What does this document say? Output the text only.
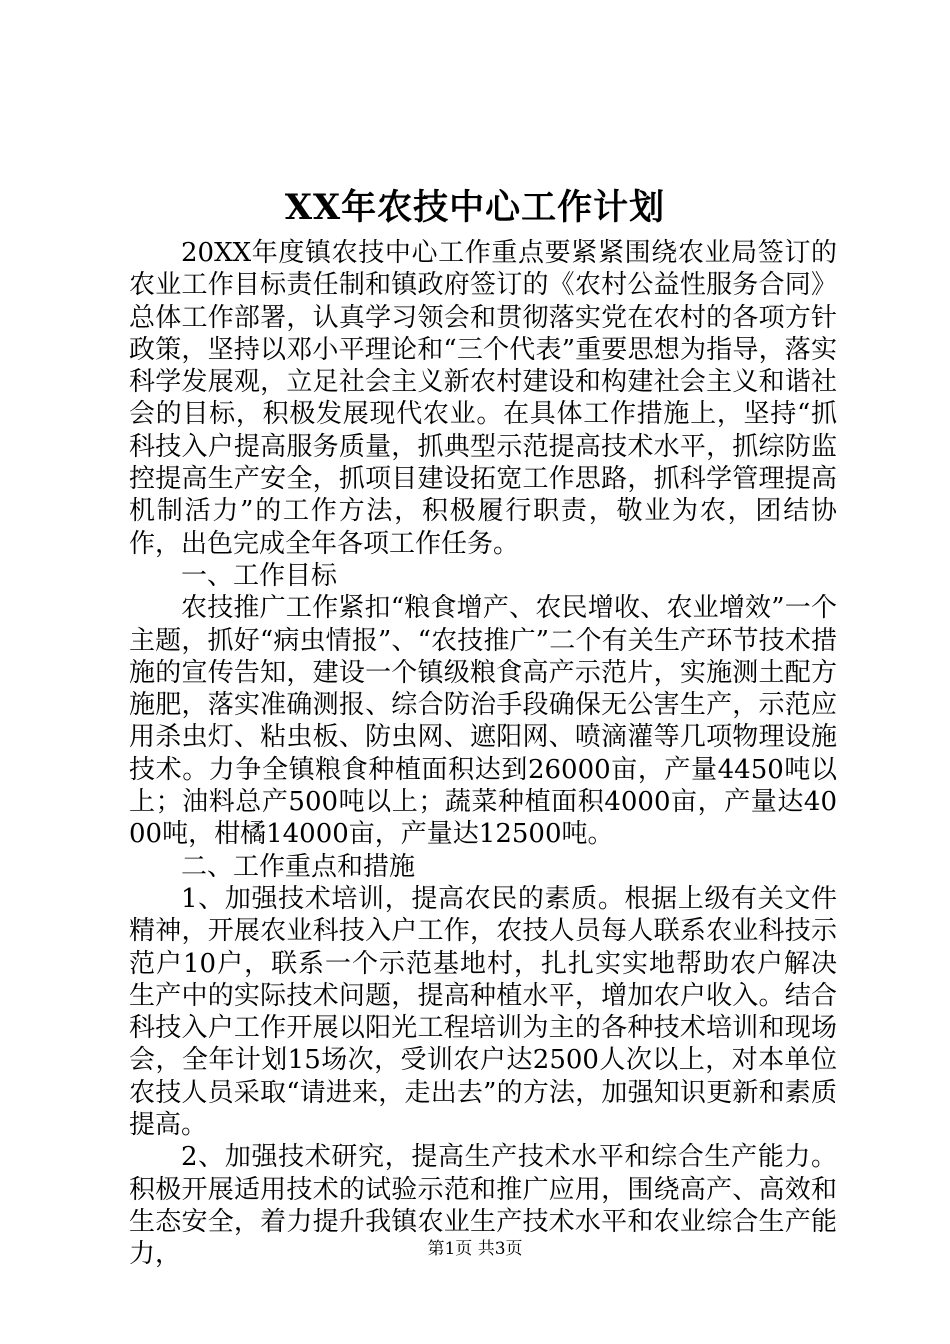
XX年农技中心工作计划

20XX年度镇农技中心工作重点要紧紧围绕农业局签订的农业工作目标责任制和镇政府签订的《农村公益性服务合同》总体工作部署，认真学习领会和贯彻落实党在农村的各项方针政策，坚持以邓小平理论和“三个代表”重要思想为指导，落实科学发展观，立足社会主义新农村建设和构建社会主义和谐社会的目标，积极发展现代农业。在具体工作措施上，坚持“抓科技入户提高服务质量，抓典型示范提高技术水平，抓综防监控提高生产安全，抓项目建设拓宽工作思路，抓科学管理提高机制活力”的工作方法，积极履行职责，敬业为农，团结协作，出色完成全年各项工作任务。

一、工作目标

农技推广工作紧扣“粮食增产、农民增收、农业增效”一个主题，抓好“病虫情报”、“农技推广”二个有关生产环节技术措施的宣传告知，建设一个镇级粮食高产示范片，实施测土配方施肥，落实准确测报、综合防治手段确保无公害生产，示范应用杀虫灯、粘虫板、防虫网、遮阳网、喷滴灌等几项物理设施技术。力争全镇粮食种植面积达到26000亩，产量4450吨以上；油料总产500吨以上；蔬菜种植面积4000亩，产量达4000吨，柑橘14000亩，产量达12500吨。

二、工作重点和措施

1、加强技术培训，提高农民的素质。根据上级有关文件精神，开展农业科技入户工作，农技人员每人联系农业科技示范户10户，联系一个示范基地村，扎扎实实地帮助农户解决生产中的实际技术问题，提高种植水平，增加农户收入。结合科技入户工作开展以阳光工程培训为主的各种技术培训和现场会，全年计划15场次，受训农户达2500人次以上，对本单位农技人员采取“请进来，走出去”的方法，加强知识更新和素质提高。

2、加强技术研究，提高生产技术水平和综合生产能力。积极开展适用技术的试验示范和推广应用，围绕高产、高效和生态安全，着力提升我镇农业生产技术水平和农业综合生产能力，	第1页 共3页
